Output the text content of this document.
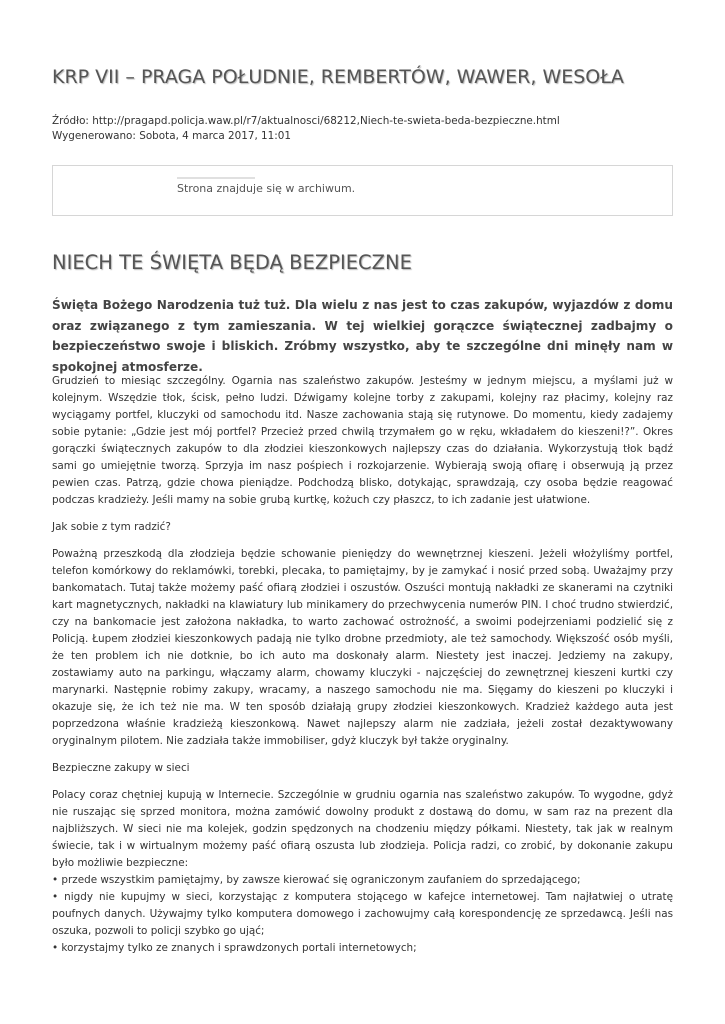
KRP VII – PRAGA POŁUDNIE, REMBERTÓW, WAWER, WESOŁA
Źródło: http://pragapd.policja.waw.pl/r7/aktualnosci/68212,Niech-te-swieta-beda-bezpieczne.html
Wygenerowano: Sobota, 4 marca 2017, 11:01
Strona znajduje się w archiwum.
NIECH TE ŚWIĘTA BĘDĄ BEZPIECZNE

Święta Bożego Narodzenia tuż tuż. Dla wielu z nas jest to czas zakupów, wyjazdów z domu oraz związanego z tym zamieszania. W tej wielkiej gorączce świątecznej zadbajmy o bezpieczeństwo swoje i bliskich. Zróbmy wszystko, aby te szczególne dni minęły nam w spokojnej atmosferze.

Grudzień to miesiąc szczególny. Ogarnia nas szaleństwo zakupów. Jesteśmy w jednym miejscu, a myślami już w kolejnym. Wszędzie tłok, ścisk, pełno ludzi. Dźwigamy kolejne torby z zakupami, kolejny raz płacimy, kolejny raz wyciągamy portfel, kluczyki od samochodu itd. Nasze zachowania stają się rutynowe. Do momentu, kiedy zadajemy sobie pytanie: „Gdzie jest mój portfel? Przecież przed chwilą trzymałem go w ręku, wkładałem do kieszeni!?”. Okres gorączki świątecznych zakupów to dla złodziei kieszonkowych najlepszy czas do działania. Wykorzystują tłok bądź sami go umiejętnie tworzą. Sprzyja im nasz pośpiech i rozkojarzenie. Wybierają swoją ofiarę i obserwują ją przez pewien czas. Patrzą, gdzie chowa pieniądze. Podchodzą blisko, dotykając, sprawdzają, czy osoba będzie reagować podczas kradzieży. Jeśli mamy na sobie grubą kurtkę, kożuch czy płaszcz, to ich zadanie jest ułatwione.

Jak sobie z tym radzić?

Poważną przeszkodą dla złodzieja będzie schowanie pieniędzy do wewnętrznej kieszeni. Jeżeli włożyliśmy portfel, telefon komórkowy do reklamówki, torebki, plecaka, to pamiętajmy, by je zamykać i nosić przed sobą. Uważajmy przy bankomatach. Tutaj także możemy paść ofiarą złodziei i oszustów. Oszuści montują nakładki ze skanerami na czytniki kart magnetycznych, nakładki na klawiatury lub minikamery do przechwycenia numerów PIN. I choć trudno stwierdzić, czy na bankomacie jest założona nakładka, to warto zachować ostrożność, a swoimi podejrzeniami podzielić się z Policją. Łupem złodziei kieszonkowych padają nie tylko drobne przedmioty, ale też samochody. Większość osób myśli, że ten problem ich nie dotknie, bo ich auto ma doskonały alarm. Niestety jest inaczej. Jedziemy na zakupy, zostawiamy auto na parkingu, włączamy alarm, chowamy kluczyki - najczęściej do zewnętrznej kieszeni kurtki czy marynarki. Następnie robimy zakupy, wracamy, a naszego samochodu nie ma. Sięgamy do kieszeni po kluczyki i okazuje się, że ich też nie ma. W ten sposób działają grupy złodziei kieszonkowych. Kradzież każdego auta jest poprzedzona właśnie kradzieżą kieszonkową. Nawet najlepszy alarm nie zadziała, jeżeli został dezaktywowany oryginalnym pilotem. Nie zadziała także immobiliser, gdyż kluczyk był także oryginalny.

Bezpieczne zakupy w sieci

Polacy coraz chętniej kupują w Internecie. Szczególnie w grudniu ogarnia nas szaleństwo zakupów. To wygodne, gdyż nie ruszając się sprzed monitora, można zamówić dowolny produkt z dostawą do domu, w sam raz na prezent dla najbliższych. W sieci nie ma kolejek, godzin spędzonych na chodzeniu między półkami. Niestety, tak jak w realnym świecie, tak i w wirtualnym możemy paść ofiarą oszusta lub złodzieja. Policja radzi, co zrobić, by dokonanie zakupu było możliwie bezpieczne:
• przede wszystkim pamiętajmy, by zawsze kierować się ograniczonym zaufaniem do sprzedającego;
• nigdy nie kupujmy w sieci, korzystając z komputera stojącego w kafejce internetowej. Tam najłatwiej o utratę poufnych danych. Używajmy tylko komputera domowego i zachowujmy całą korespondencję ze sprzedawcą. Jeśli nas oszuka, pozwoli to policji szybko go ująć;
• korzystajmy tylko ze znanych i sprawdzonych portali internetowych;
